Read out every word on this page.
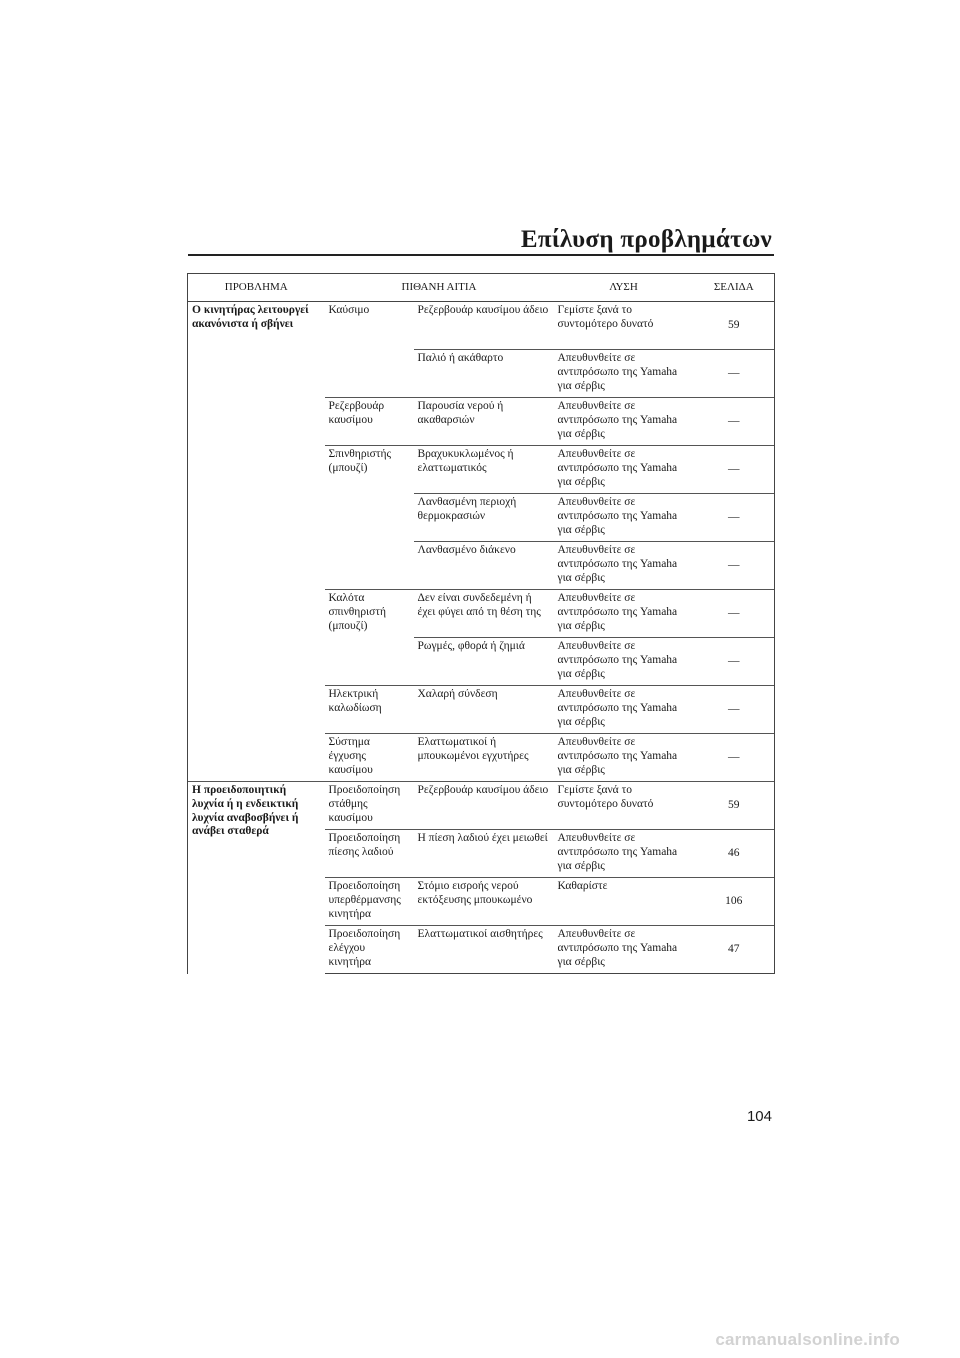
Επίλυση προβλημάτων
ΠΡΟΒΛΗΜΑ	ΠΙΘΑΝΗ ΑΙΤΙΑ		ΛΥΣΗ	ΣΕΛΙΔΑ
Ο κινητήρας λειτουργεί ακανόνιστα ή σβήνει	Καύσιμο	Ρεζερβουάρ καυσίμου άδειο	Γεμίστε ξανά το συντομότερο δυνατό	59
		Παλιό ή ακάθαρτο	Απευθυνθείτε σε αντιπρόσωπο της Yamaha για σέρβις	—
	Ρεζερβουάρ καυσίμου	Παρουσία νερού ή ακαθαρσιών	Απευθυνθείτε σε αντιπρόσωπο της Yamaha για σέρβις	—
	Σπινθηριστής (μπουζί)	Βραχυκυκλωμένος ή ελαττωματικός	Απευθυνθείτε σε αντιπρόσωπο της Yamaha για σέρβις	—
		Λανθασμένη περιοχή θερμοκρασιών	Απευθυνθείτε σε αντιπρόσωπο της Yamaha για σέρβις	—
		Λανθασμένο διάκενο	Απευθυνθείτε σε αντιπρόσωπο της Yamaha για σέρβις	—
	Καλότα σπινθηριστή (μπουζί)	Δεν είναι συνδεδεμένη ή έχει φύγει από τη θέση της	Απευθυνθείτε σε αντιπρόσωπο της Yamaha για σέρβις	—
		Ρωγμές, φθορά ή ζημιά	Απευθυνθείτε σε αντιπρόσωπο της Yamaha για σέρβις	—
	Ηλεκτρική καλωδίωση	Χαλαρή σύνδεση	Απευθυνθείτε σε αντιπρόσωπο της Yamaha για σέρβις	—
	Σύστημα έγχυσης καυσίμου	Ελαττωματικοί ή μπουκωμένοι εγχυτήρες	Απευθυνθείτε σε αντιπρόσωπο της Yamaha για σέρβις	—
Η προειδοποιητική λυχνία ή η ενδεικτική λυχνία αναβοσβήνει ή ανάβει σταθερά	Προειδοποίηση στάθμης καυσίμου	Ρεζερβουάρ καυσίμου άδειο	Γεμίστε ξανά το συντομότερο δυνατό	59
	Προειδοποίηση πίεσης λαδιού	Η πίεση λαδιού έχει μειωθεί	Απευθυνθείτε σε αντιπρόσωπο της Yamaha για σέρβις	46
	Προειδοποίηση υπερθέρμανσης κινητήρα	Στόμιο εισροής νερού εκτόξευσης μπουκωμένο	Καθαρίστε	106
	Προειδοποίηση ελέγχου κινητήρα	Ελαττωματικοί αισθητήρες	Απευθυνθείτε σε αντιπρόσωπο της Yamaha για σέρβις	47
104
carmanualsonline.info
